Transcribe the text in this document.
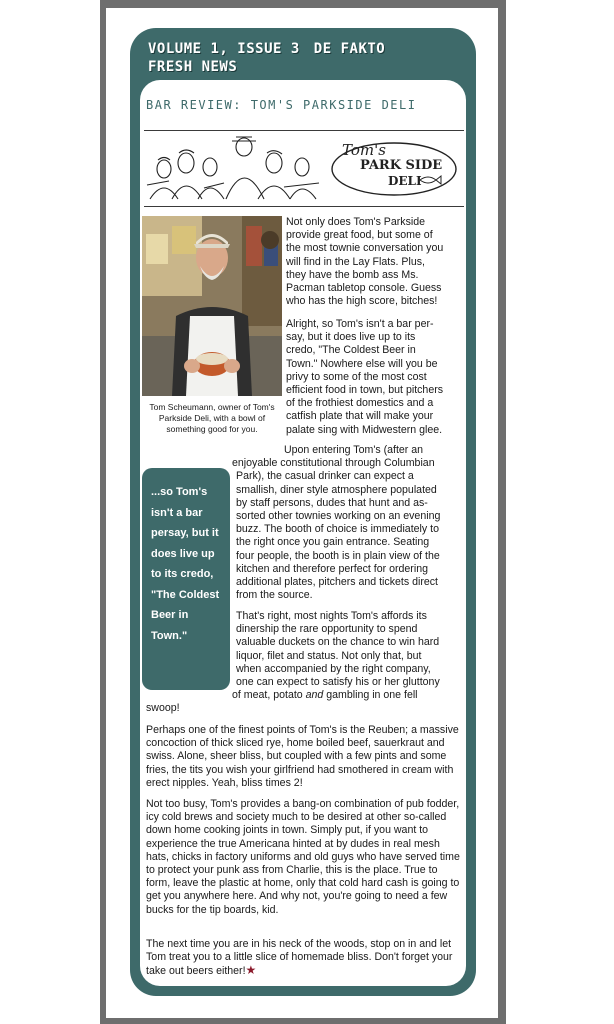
VOLUME 1, ISSUE 3 DE FAKTO
FRESH NEWS
BAR REVIEW: TOM'S PARKSIDE DELI
Tom's
PARK SIDE
DELI
Tom Scheumann, owner of Tom's Parkside Deli, with a bowl of something good for you.
Not only does Tom's Parkside
provide great food, but some of
the most townie conversation you
will find in the Lay Flats. Plus,
they have the bomb ass Ms.
Pacman tabletop console. Guess
who has the high score, bitches!
Alright, so Tom's isn't a bar per-
say, but it does live up to its
credo, "The Coldest Beer in
Town." Nowhere else will you be
privy to some of the most cost
efficient food in town, but pitchers
of the frothiest domestics and a
catfish plate that will make your
palate sing with Midwestern glee.
Upon entering Tom's (after an
enjoyable constitutional through Columbian
Park), the casual drinker can expect a
smallish, diner style atmosphere populated
by staff persons, dudes that hunt and as-
sorted other townies working on an evening
buzz. The booth of choice is immediately to
the right once you gain entrance. Seating
four people, the booth is in plain view of the
kitchen and therefore perfect for ordering
additional plates, pitchers and tickets direct
from the source.
...so Tom's isn't a bar persay, but it does live up to its credo, "The Coldest Beer in Town."
That's right, most nights Tom's affords its
dinership the rare opportunity to spend
valuable duckets on the chance to win hard
liquor, filet and status. Not only that, but
when accompanied by the right company,
one can expect to satisfy his or her gluttony
of meat, potato and gambling in one fell
swoop!
Perhaps one of the finest points of Tom's is the Reuben; a massive concoction of thick sliced rye, home boiled beef, sauerkraut and swiss. Alone, sheer bliss, but coupled with a few pints and some fries, the tits you wish your girlfriend had smothered in cream with erect nipples. Yeah, bliss times 2!
Not too busy, Tom's provides a bang-on combination of pub fodder, icy cold brews and society much to be desired at other so-called down home cooking joints in town. Simply put, if you want to experience the true Americana hinted at by dudes in real mesh hats, chicks in factory uniforms and old guys who have served time to protect your punk ass from Charlie, this is the place. True to form, leave the plastic at home, only that cold hard cash is going to get you anywhere here. And why not, you're going to need a few bucks for the tip boards, kid.
The next time you are in his neck of the woods, stop on in and let Tom treat you to a little slice of homemade bliss. Don't forget your take out beers either!★
